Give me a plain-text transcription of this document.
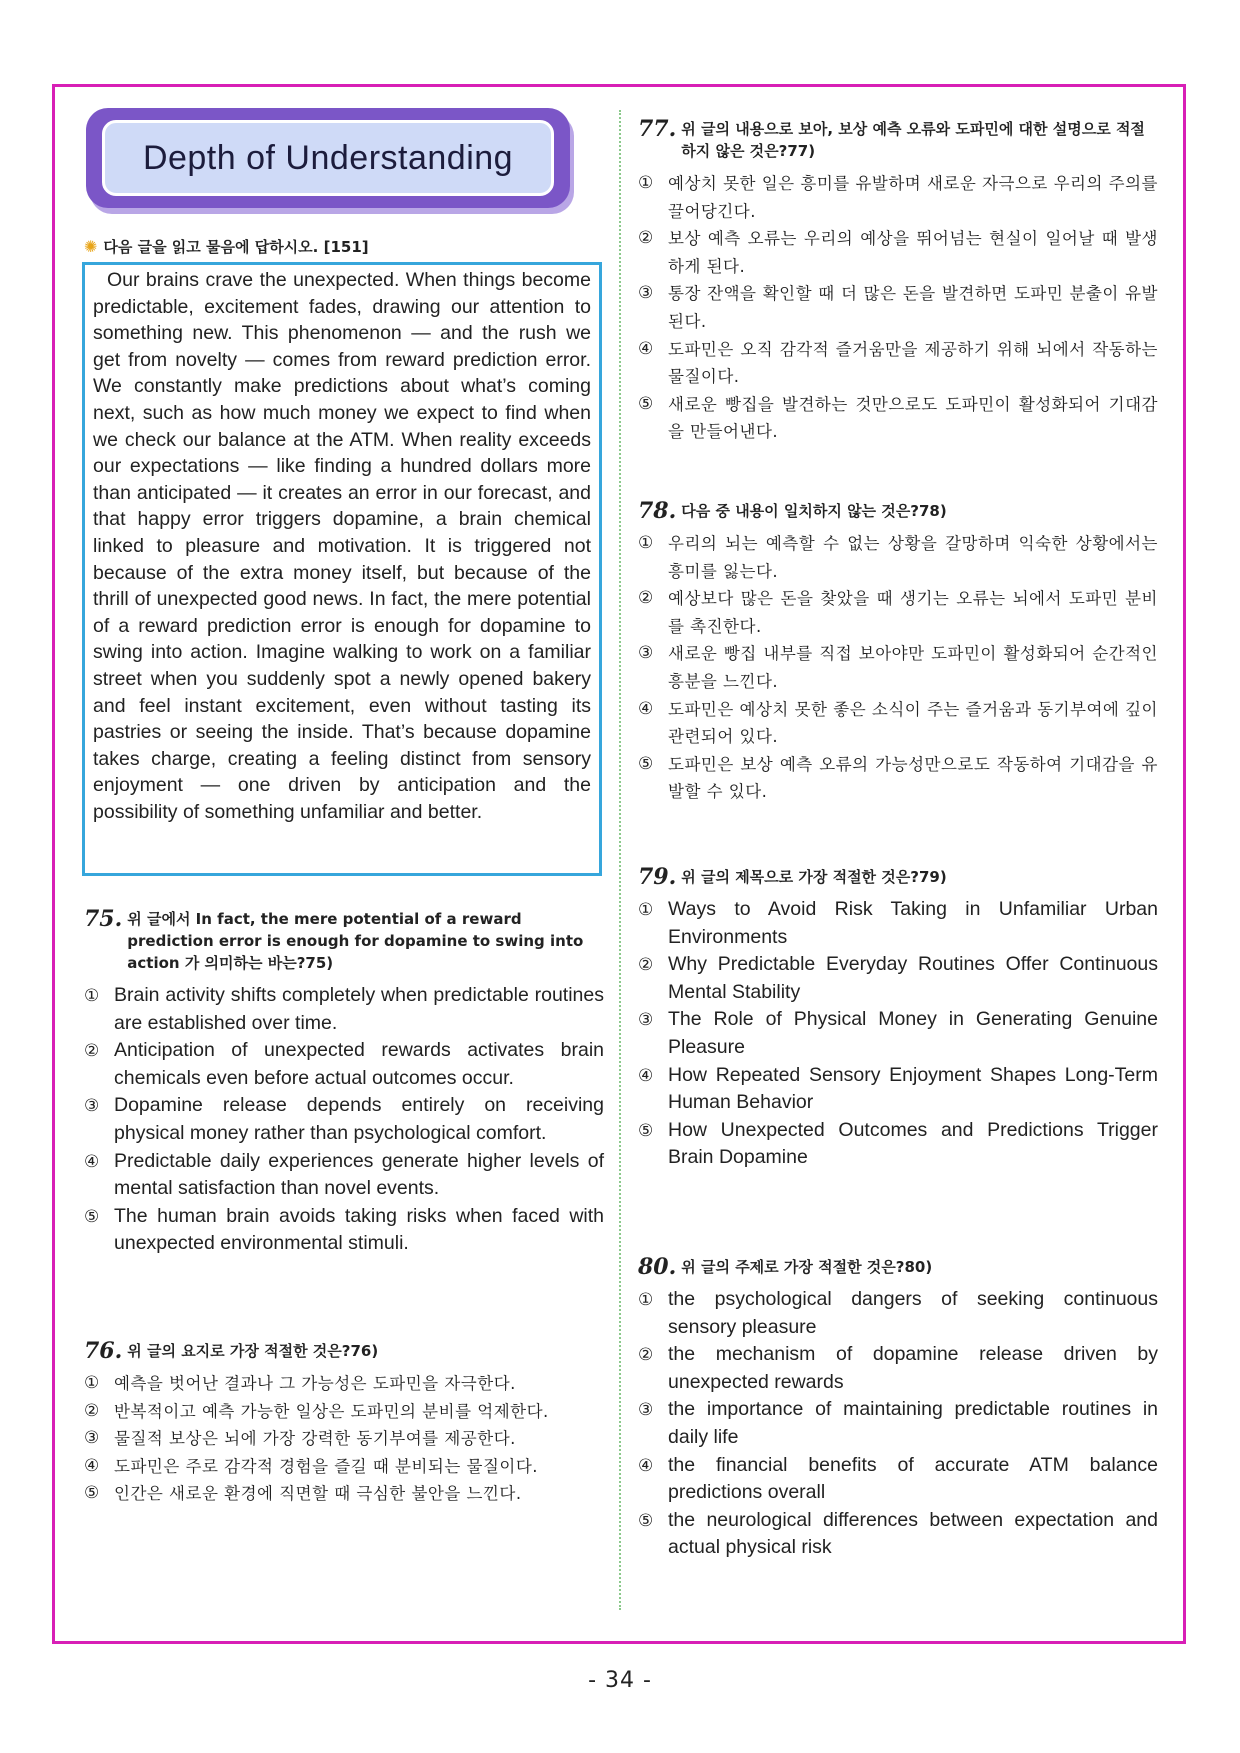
Depth of Understanding
✺ 다음 글을 읽고 물음에 답하시오. [151]

Our brains crave the unexpected. When things become predictable, excitement fades, drawing our attention to something new. This phenomenon — and the rush we get from novelty — comes from reward prediction error. We constantly make predictions about what’s coming next, such as how much money we expect to find when we check our balance at the ATM. When reality exceeds our expectations — like finding a hundred dollars more than anticipated — it creates an error in our forecast, and that happy error triggers dopamine, a brain chemical linked to pleasure and motivation. It is triggered not because of the extra money itself, but because of the thrill of unexpected good news. In fact, the mere potential of a reward prediction error is enough for dopamine to swing into action. Imagine walking to work on a familiar street when you suddenly spot a newly opened bakery and feel instant excitement, even without tasting its pastries or seeing the inside. That’s because dopamine takes charge, creating a feeling distinct from sensory enjoyment — one driven by anticipation and the possibility of something unfamiliar and better.

75. 위 글에서 In fact, the mere potential of a reward prediction error is enough for dopamine to swing into action 가 의미하는 바는?75)
① Brain activity shifts completely when predictable routines are established over time.
② Anticipation of unexpected rewards activates brain chemicals even before actual outcomes occur.
③ Dopamine release depends entirely on receiving physical money rather than psychological comfort.
④ Predictable daily experiences generate higher levels of mental satisfaction than novel events.
⑤ The human brain avoids taking risks when faced with unexpected environmental stimuli.
76. 위 글의 요지로 가장 적절한 것은?76)
① 예측을 벗어난 결과나 그 가능성은 도파민을 자극한다.
② 반복적이고 예측 가능한 일상은 도파민의 분비를 억제한다.
③ 물질적 보상은 뇌에 가장 강력한 동기부여를 제공한다.
④ 도파민은 주로 감각적 경험을 즐길 때 분비되는 물질이다.
⑤ 인간은 새로운 환경에 직면할 때 극심한 불안을 느낀다.
77. 위 글의 내용으로 보아, 보상 예측 오류와 도파민에 대한 설명으로 적절하지 않은 것은?77)
① 예상치 못한 일은 흥미를 유발하며 새로운 자극으로 우리의 주의를 끌어당긴다.
② 보상 예측 오류는 우리의 예상을 뛰어넘는 현실이 일어날 때 발생하게 된다.
③ 통장 잔액을 확인할 때 더 많은 돈을 발견하면 도파민 분출이 유발된다.
④ 도파민은 오직 감각적 즐거움만을 제공하기 위해 뇌에서 작동하는 물질이다.
⑤ 새로운 빵집을 발견하는 것만으로도 도파민이 활성화되어 기대감을 만들어낸다.
78. 다음 중 내용이 일치하지 않는 것은?78)
① 우리의 뇌는 예측할 수 없는 상황을 갈망하며 익숙한 상황에서는 흥미를 잃는다.
② 예상보다 많은 돈을 찾았을 때 생기는 오류는 뇌에서 도파민 분비를 촉진한다.
③ 새로운 빵집 내부를 직접 보아야만 도파민이 활성화되어 순간적인 흥분을 느낀다.
④ 도파민은 예상치 못한 좋은 소식이 주는 즐거움과 동기부여에 깊이 관련되어 있다.
⑤ 도파민은 보상 예측 오류의 가능성만으로도 작동하여 기대감을 유발할 수 있다.
79. 위 글의 제목으로 가장 적절한 것은?79)
① Ways to Avoid Risk Taking in Unfamiliar Urban Environments
② Why Predictable Everyday Routines Offer Continuous Mental Stability
③ The Role of Physical Money in Generating Genuine Pleasure
④ How Repeated Sensory Enjoyment Shapes Long-Term Human Behavior
⑤ How Unexpected Outcomes and Predictions Trigger Brain Dopamine
80. 위 글의 주제로 가장 적절한 것은?80)
① the psychological dangers of seeking continuous sensory pleasure
② the mechanism of dopamine release driven by unexpected rewards
③ the importance of maintaining predictable routines in daily life
④ the financial benefits of accurate ATM balance predictions overall
⑤ the neurological differences between expectation and actual physical risk
- 34 -
